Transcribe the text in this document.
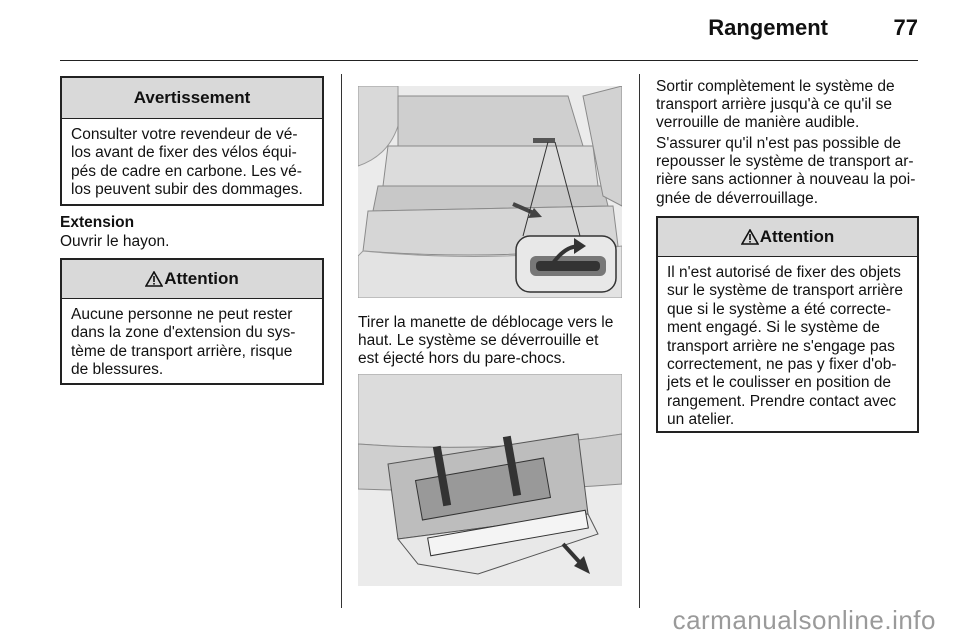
Rangement	77
Avertissement
Consulter votre revendeur de vé-
los avant de fixer des vélos équi-
pés de cadre en carbone. Les vé-
los peuvent subir des dommages.
Extension
Ouvrir le hayon.
Attention
Aucune personne ne peut rester
dans la zone d'extension du sys-
tème de transport arrière, risque
de blessures.
Tirer la manette de déblocage vers le
haut. Le système se déverrouille et
est éjecté hors du pare-chocs.
Sortir complètement le système de
transport arrière jusqu'à ce qu'il se
verrouille de manière audible.
S'assurer qu'il n'est pas possible de
repousser le système de transport ar-
rière sans actionner à nouveau la poi-
gnée de déverrouillage.
Attention
Il n'est autorisé de fixer des objets
sur le système de transport arrière
que si le système a été correcte-
ment engagé. Si le système de
transport arrière ne s'engage pas
correctement, ne pas y fixer d'ob-
jets et le coulisser en position de
rangement. Prendre contact avec
un atelier.
carmanualsonline.info
